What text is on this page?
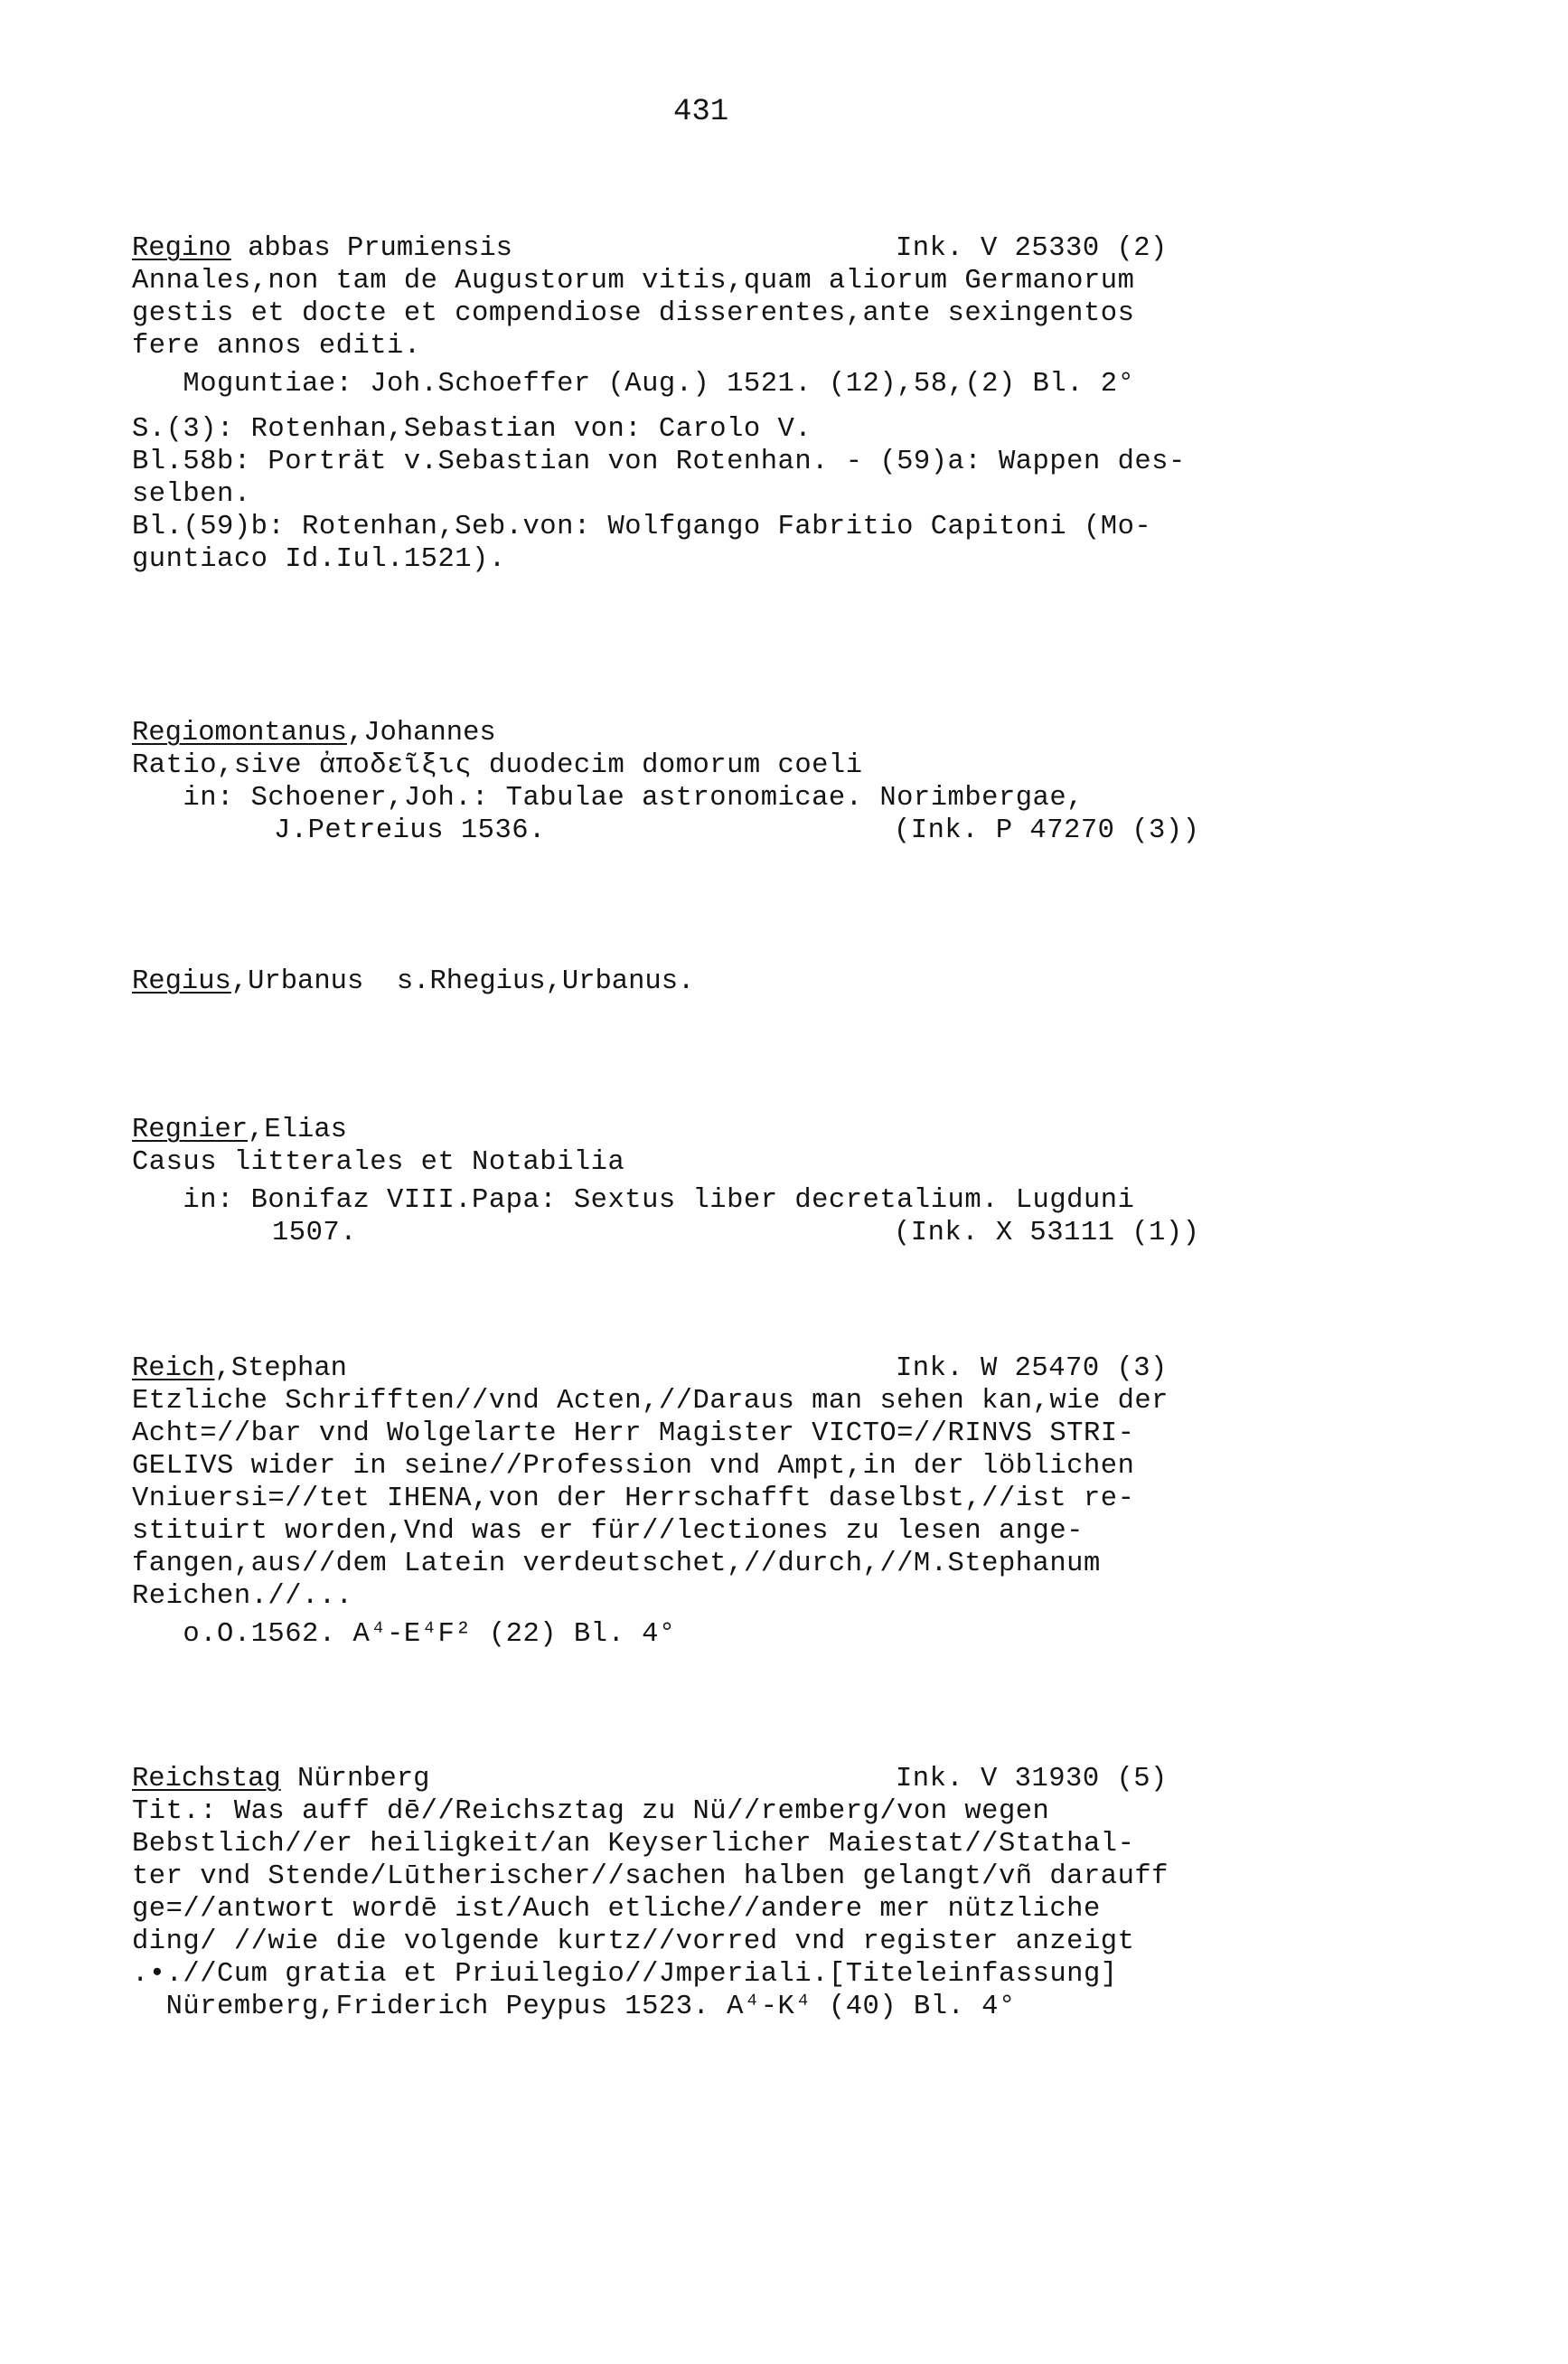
431
Regino abbas Prumiensis	Ink. V 25330 (2)
Annales,non tam de Augustorum vitis,quam aliorum Germanorum
gestis et docte et compendiose disserentes,ante sexingentos
fere annos editi.
Moguntiae: Joh.Schoeffer (Aug.) 1521. (12),58,(2) Bl. 2°
S.(3): Rotenhan,Sebastian von: Carolo V.
Bl.58b: Porträt v.Sebastian von Rotenhan. - (59)a: Wappen des-
selben.
Bl.(59)b: Rotenhan,Seb.von: Wolfgango Fabritio Capitoni (Mo-
guntiaco Id.Iul.1521).
Regiomontanus,Johannes
Ratio,sive ἀποδεῖξις duodecim domorum coeli
in: Schoener,Joh.: Tabulae astronomicae. Norimbergae,

J.Petreius 1536.

	(Ink. P 47270 (3))

Regius,Urbanus  s.Rhegius,Urbanus.
Regnier,Elias
Casus litterales et Notabilia
in: Bonifaz VIII.Papa: Sextus liber decretalium. Lugduni

1507.

	(Ink. X 53111 (1))

Reich,Stephan	Ink. W 25470 (3)
Etzliche Schrifften//vnd Acten,//Daraus man sehen kan,wie der
Acht=//bar vnd Wolgelarte Herr Magister VICTO=//RINVS STRI-
GELIVS wider in seine//Profession vnd Ampt,in der löblichen
Vniuersi=//tet IHENA,von der Herrschafft daselbst,//ist re-
stituirt worden,Vnd was er für//lectiones zu lesen ange-
fangen,aus//dem Latein verdeutschet,//durch,//M.Stephanum
Reichen.//...
o.O.1562. A⁴-E⁴F² (22) Bl. 4°
Reichstag Nürnberg	Ink. V 31930 (5)
Tit.: Was auff dē//Reichsztag zu Nü//remberg/von wegen
Bebstlich//er heiligkeit/an Keyserlicher Maiestat//Stathal-
ter vnd Stende/Lūtherischer//sachen halben gelangt/vñ darauff
ge=//antwort wordē ist/Auch etliche//andere mer nützliche
ding/ //wie die volgende kurtz//vorred vnd register anzeigt
.•.//Cum gratia et Priuilegio//Jmperiali.[Titeleinfassung]
Nüremberg,Friderich Peypus 1523. A⁴-K⁴ (40) Bl. 4°
